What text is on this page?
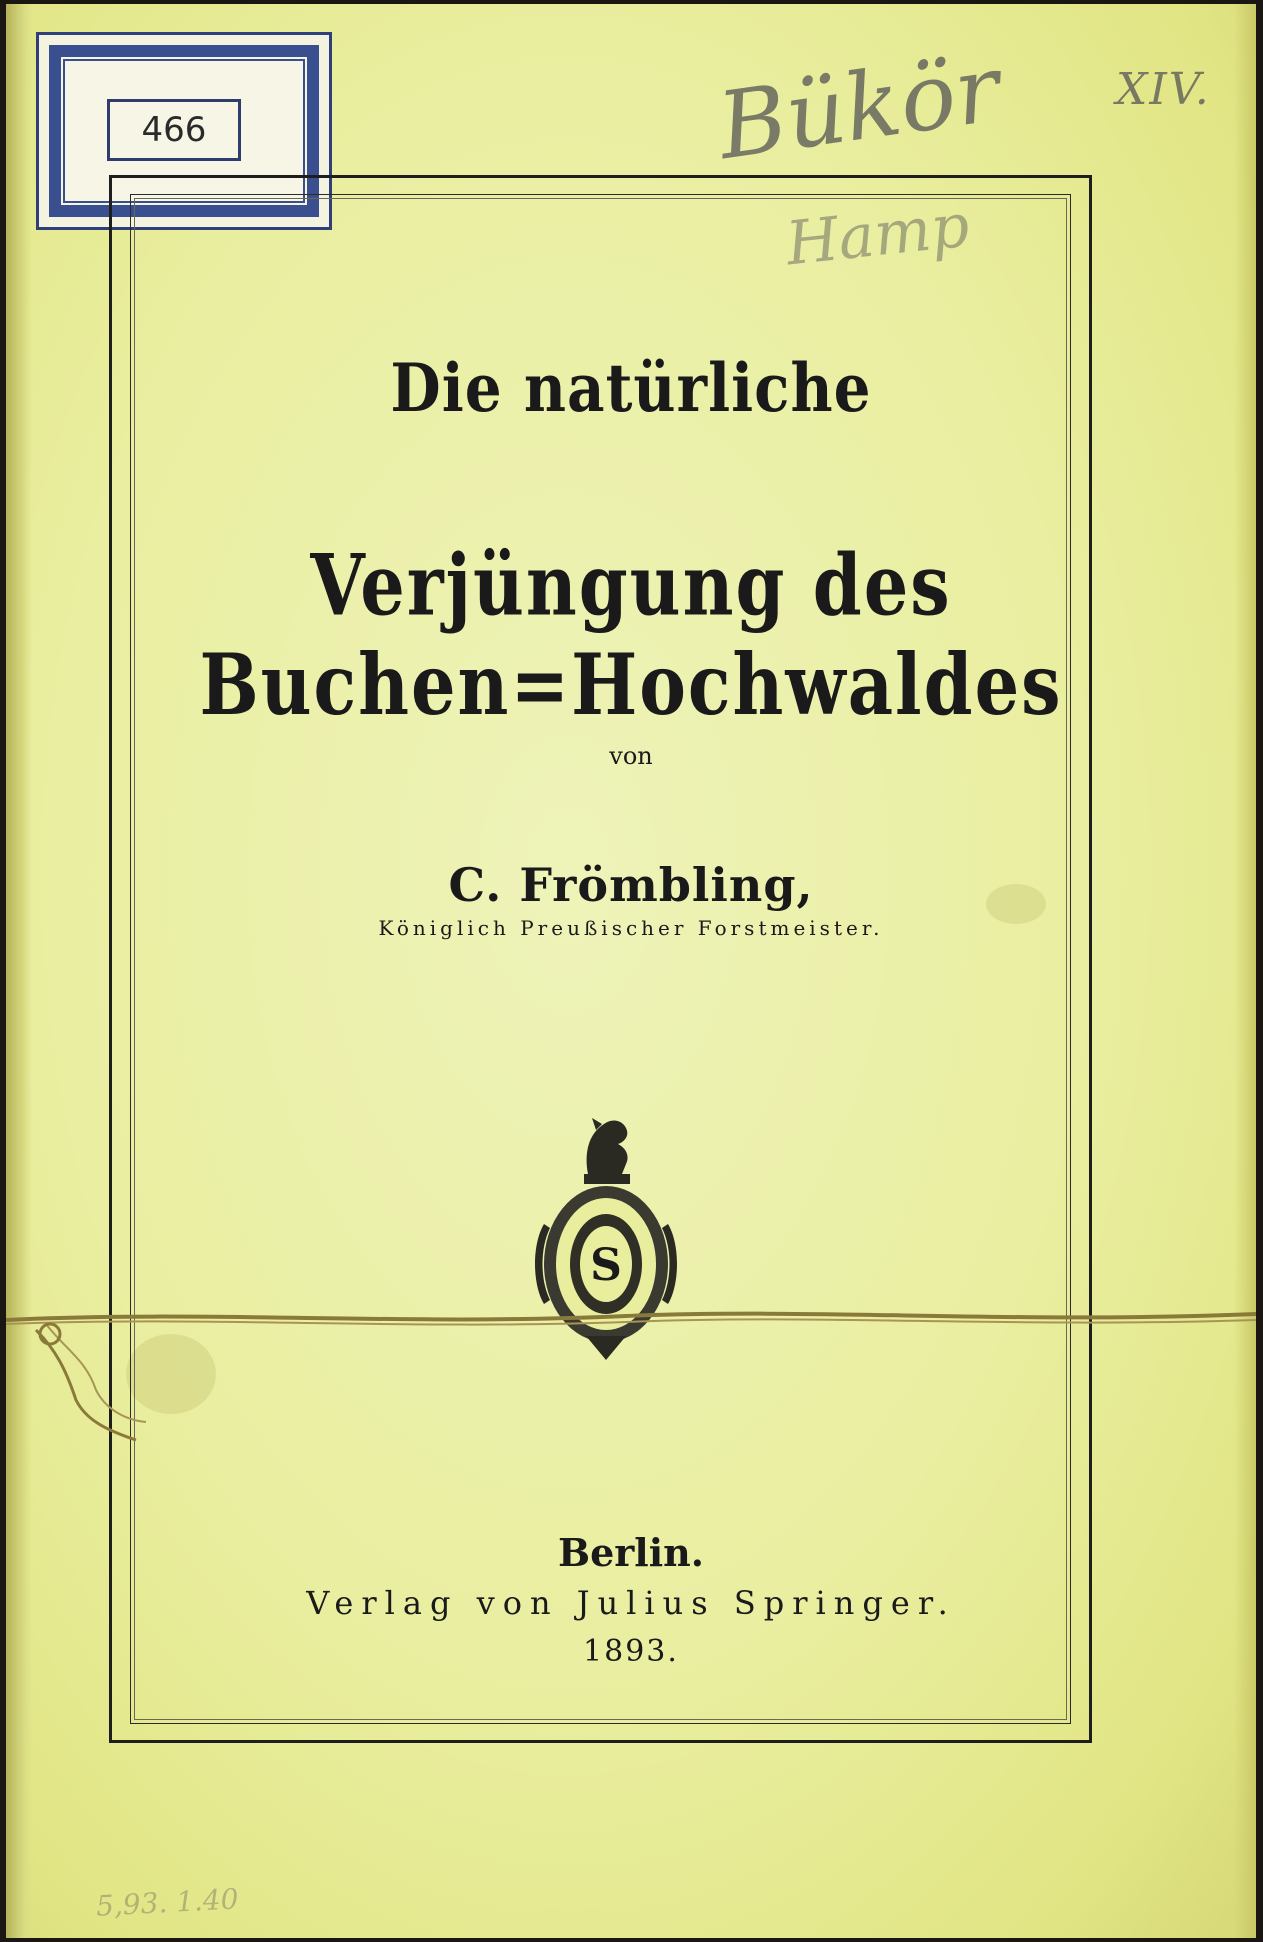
466	Bükör XIV.
Hamp
5,93. 1.40
Die natürliche
Verjüngung des Buchen=Hochwaldes
von
C. Frömbling,
Königlich Preußischer Forstmeister.
S
Berlin.
Verlag von Julius Springer.
1893.
